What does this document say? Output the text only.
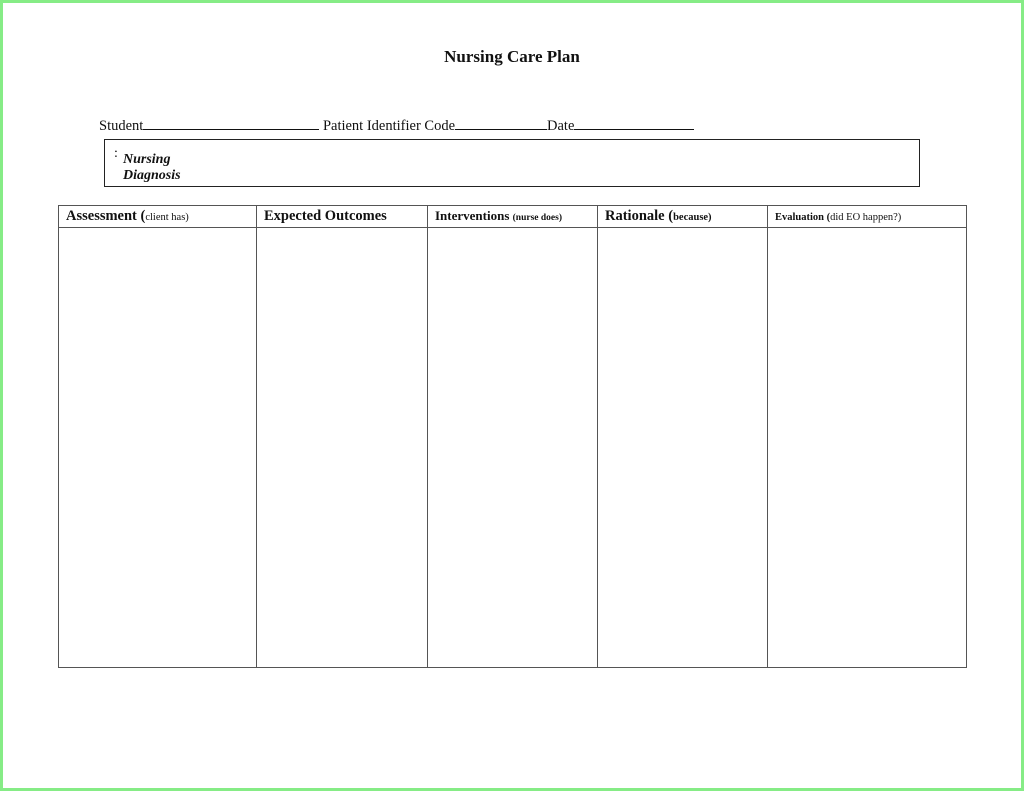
Nursing Care Plan
Student	Patient Identifier Code	Date
Nursing Diagnosis
:
Assessment (client has)	Expected Outcomes	Interventions (nurse does)	Rationale (because)	Evaluation (did EO happen?)
